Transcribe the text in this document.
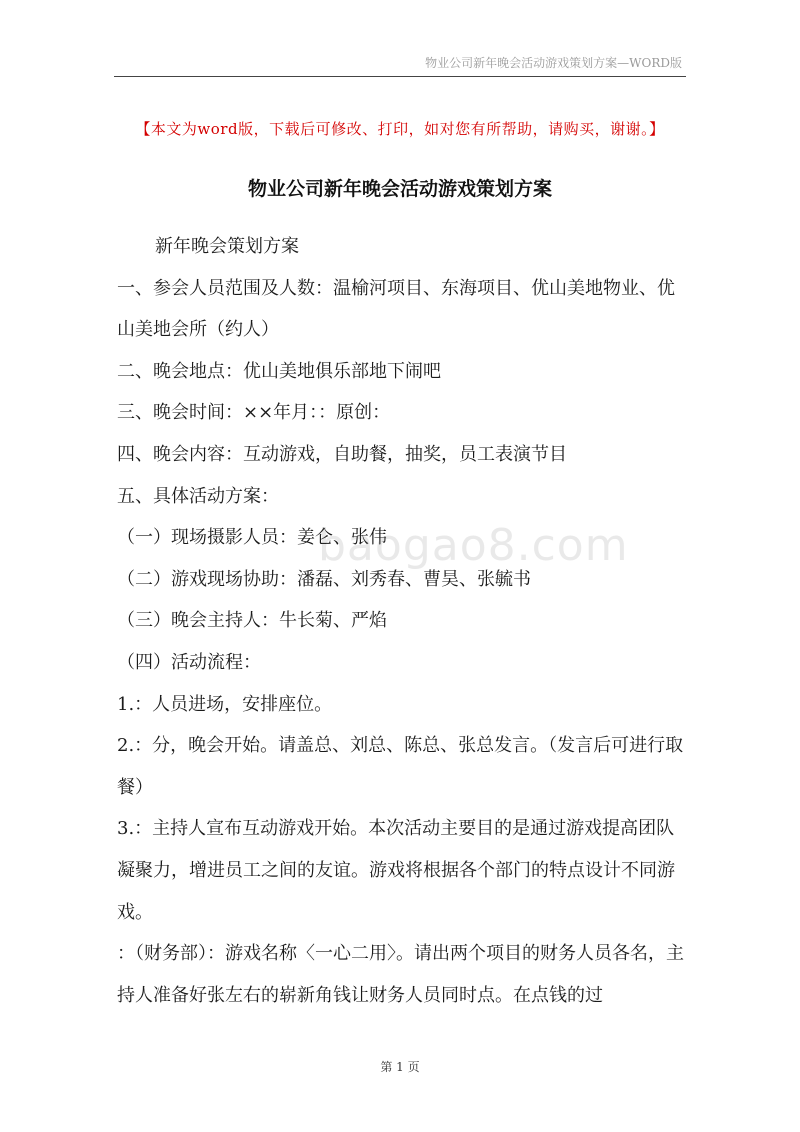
物业公司新年晚会活动游戏策划方案—WORD版
【本文为word版，下载后可修改、打印，如对您有所帮助，请购买，谢谢。】
物业公司新年晚会活动游戏策划方案

新年晚会策划方案

一、参会人员范围及人数：温榆河项目、东海项目、优山美地物业、优山美地会所（约人）

二、晚会地点：优山美地俱乐部地下闹吧

三、晚会时间：××年月：：原创：

四、晚会内容：互动游戏，自助餐，抽奖，员工表演节目

五、具体活动方案：

（一）现场摄影人员：姜仑、张伟

（二）游戏现场协助：潘磊、刘秀春、曹昊、张毓书

（三）晚会主持人：牛长菊、严焰

（四）活动流程：

1.：人员进场，安排座位。

2.：分，晚会开始。请盖总、刘总、陈总、张总发言。（发言后可进行取餐）

3.：主持人宣布互动游戏开始。本次活动主要目的是通过游戏提高团队凝聚力，增进员工之间的友谊。游戏将根据各个部门的特点设计不同游戏。

：（财务部）：游戏名称〈一心二用〉。请出两个项目的财务人员各名，主持人准备好张左右的崭新角钱让财务人员同时点。在点钱的过

baogao8.com
第 1 页
